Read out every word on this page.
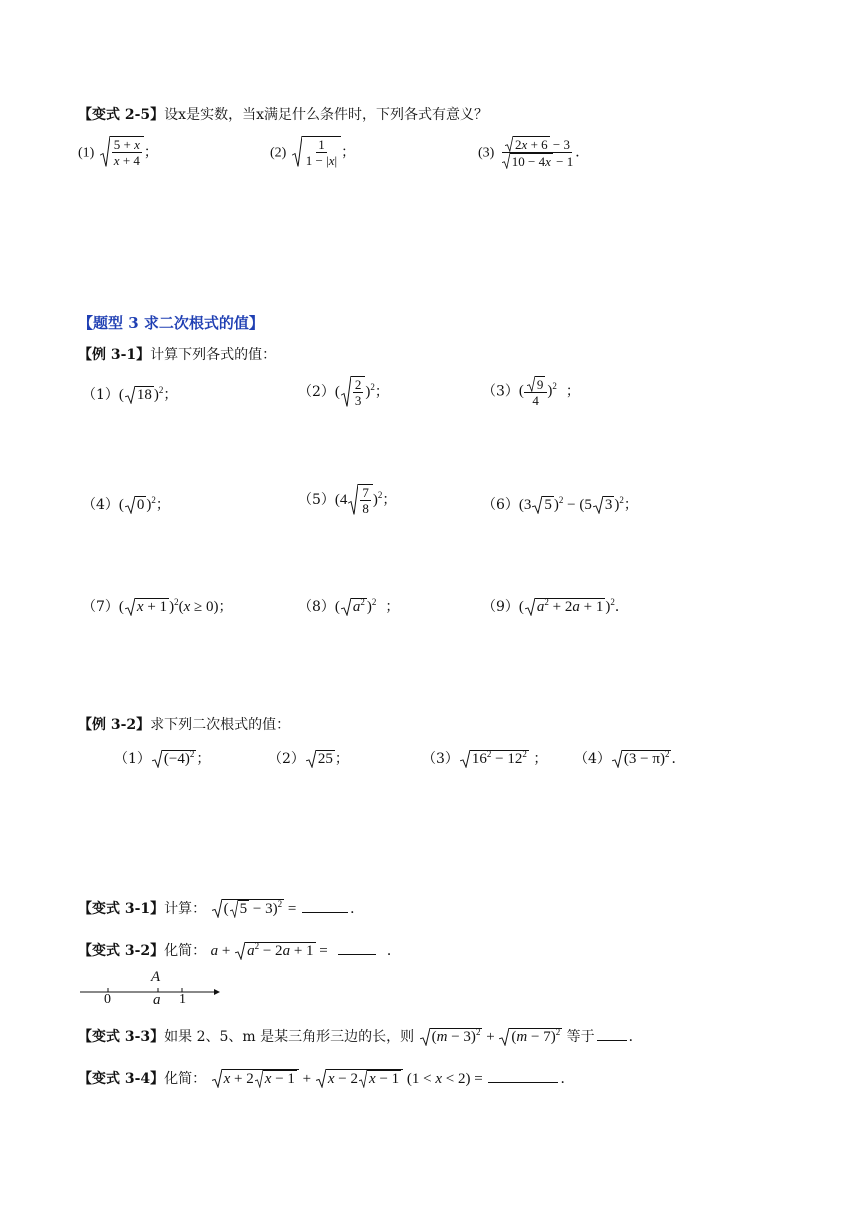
【变式 2-5】设x是实数，当x满足什么条件时，下列各式有意义？
$(1) \frac{5 + x}{x + 4}$ ；	$(2) \frac{1}{1 - |x|}$ ；	$(3) \frac{2x + 6 - 3}{10 - 4x - 1}$ ．
【题型 3 求二次根式的值】
【例 3-1】计算下列各式的值：
（1）( 18 )$^2$；	$(2)( \frac{2}{3} )^2$；	$(3)( \frac{9}{4} )^2$  ；
（4）( 0 )$^2$；	$(5)(4 \frac{7}{8} )^2$；	（6）(3 5 )$^2$ − (5 3 )$^2$；
（7）( x + 1 )$^2$(x ≥ 0)；	（8）( $a^2$ )$^2$  ；	（9）( $a^2 + 2a + 1$ )$^2$．
【例 3-2】求下列二次根式的值：
（1） $(-4)^2$ ；	（2） 25 ；	（3） $16^2 - 12^2$ ； （4） $(3 - \pi)^2$ ．
【变式 3-1】计算： ( 5 − 3)$^2$ =	．
【变式 3-2】化简： a +
$a^2 - 2a + 1$ =	．
A
0	a 1
【变式 3-3】如果 2、5、m 是某三角形三边的长，则 $(m - 3)^2$ +
$(m - 7)^2$ 等于 ．
【变式 3-4】化简： x + 2 x − 1 +
x − 2 x − 1 (1 < x < 2) =	．
